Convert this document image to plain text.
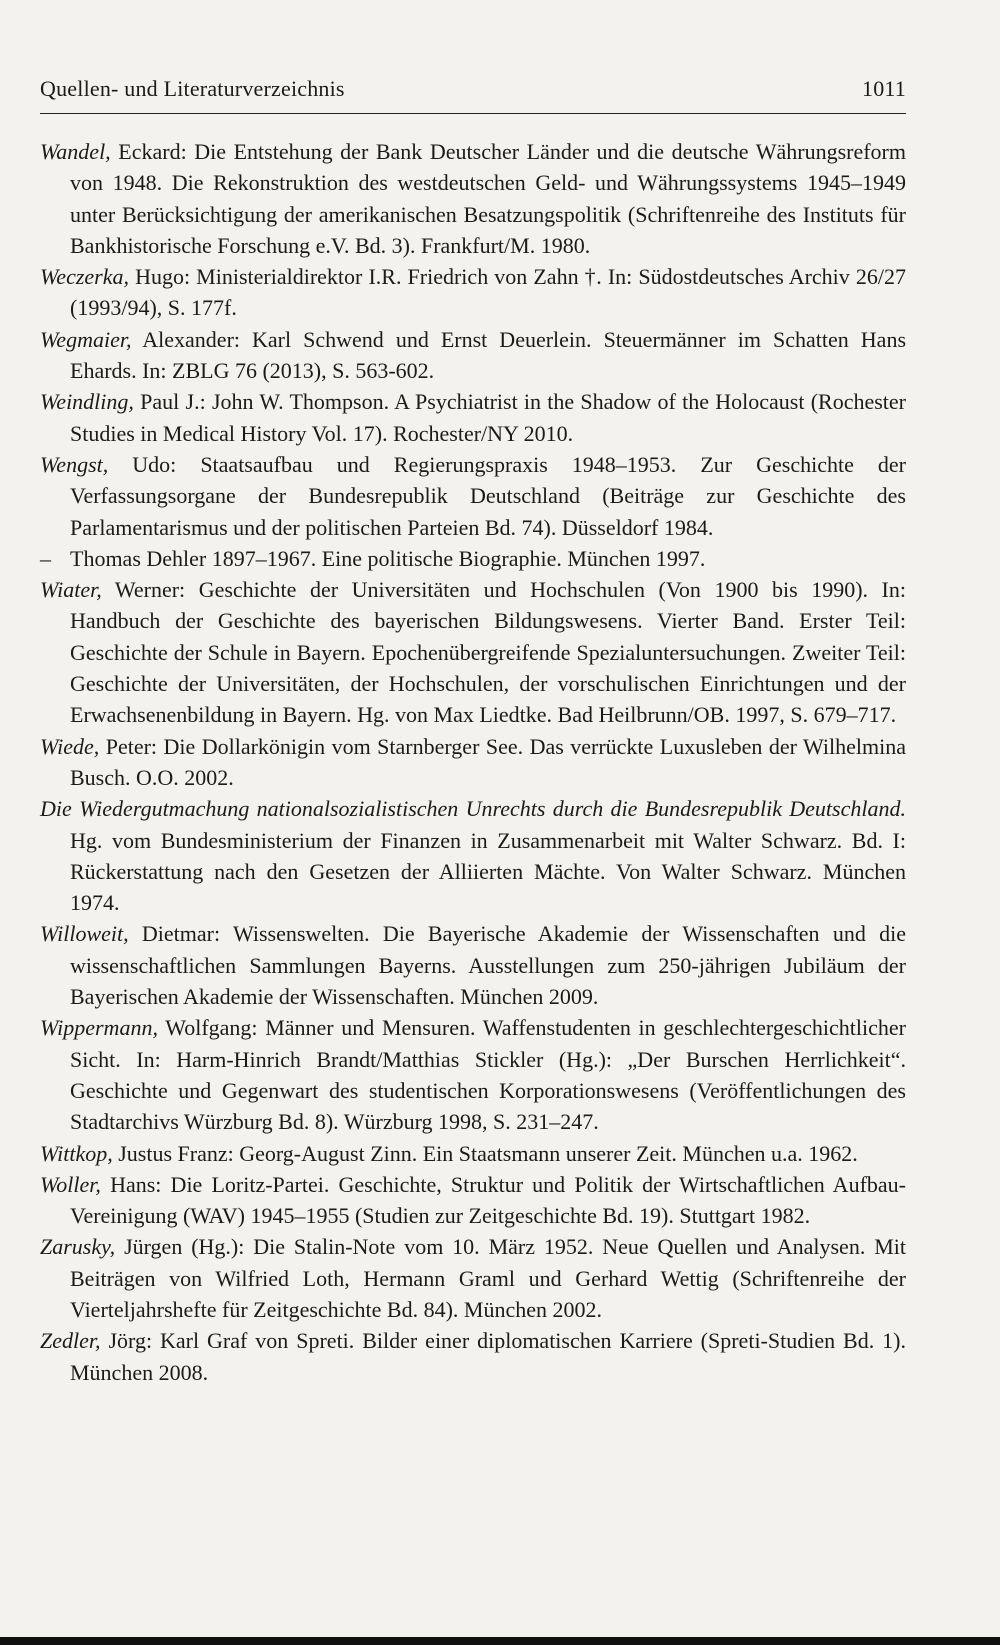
Quellen- und Literaturverzeichnis	1011

Wandel, Eckard: Die Entstehung der Bank Deutscher Länder und die deutsche Währungsreform von 1948. Die Rekonstruktion des westdeutschen Geld- und Währungssystems 1945–1949 unter Berücksichtigung der amerikanischen Besatzungspolitik (Schriftenreihe des Instituts für Bankhistorische Forschung e.V. Bd. 3). Frankfurt/M. 1980.

Weczerka, Hugo: Ministerialdirektor I.R. Friedrich von Zahn †. In: Südostdeutsches Archiv 26/27 (1993/94), S. 177f.

Wegmaier, Alexander: Karl Schwend und Ernst Deuerlein. Steuermänner im Schatten Hans Ehards. In: ZBLG 76 (2013), S. 563-602.

Weindling, Paul J.: John W. Thompson. A Psychiatrist in the Shadow of the Holocaust (Rochester Studies in Medical History Vol. 17). Rochester/NY 2010.

Wengst, Udo: Staatsaufbau und Regierungspraxis 1948–1953. Zur Geschichte der Verfassungsorgane der Bundesrepublik Deutschland (Beiträge zur Geschichte des Parlamentarismus und der politischen Parteien Bd. 74). Düsseldorf 1984.

– Thomas Dehler 1897–1967. Eine politische Biographie. München 1997.

Wiater, Werner: Geschichte der Universitäten und Hochschulen (Von 1900 bis 1990). In: Handbuch der Geschichte des bayerischen Bildungswesens. Vierter Band. Erster Teil: Geschichte der Schule in Bayern. Epochenübergreifende Spezialuntersuchungen. Zweiter Teil: Geschichte der Universitäten, der Hochschulen, der vorschulischen Einrichtungen und der Erwachsenenbildung in Bayern. Hg. von Max Liedtke. Bad Heilbrunn/OB. 1997, S. 679–717.

Wiede, Peter: Die Dollarkönigin vom Starnberger See. Das verrückte Luxusleben der Wilhelmina Busch. O.O. 2002.

Die Wiedergutmachung nationalsozialistischen Unrechts durch die Bundesrepublik Deutschland. Hg. vom Bundesministerium der Finanzen in Zusammenarbeit mit Walter Schwarz. Bd. I: Rückerstattung nach den Gesetzen der Alliierten Mächte. Von Walter Schwarz. München 1974.

Willoweit, Dietmar: Wissenswelten. Die Bayerische Akademie der Wissenschaften und die wissenschaftlichen Sammlungen Bayerns. Ausstellungen zum 250-jährigen Jubiläum der Bayerischen Akademie der Wissenschaften. München 2009.

Wippermann, Wolfgang: Männer und Mensuren. Waffenstudenten in geschlechtergeschichtlicher Sicht. In: Harm-Hinrich Brandt/Matthias Stickler (Hg.): „Der Burschen Herrlichkeit“. Geschichte und Gegenwart des studentischen Korporationswesens (Veröffentlichungen des Stadtarchivs Würzburg Bd. 8). Würzburg 1998, S. 231–247.

Wittkop, Justus Franz: Georg-August Zinn. Ein Staatsmann unserer Zeit. München u.a. 1962.

Woller, Hans: Die Loritz-Partei. Geschichte, Struktur und Politik der Wirtschaftlichen Aufbau-Vereinigung (WAV) 1945–1955 (Studien zur Zeitgeschichte Bd. 19). Stuttgart 1982.

Zarusky, Jürgen (Hg.): Die Stalin-Note vom 10. März 1952. Neue Quellen und Analysen. Mit Beiträgen von Wilfried Loth, Hermann Graml und Gerhard Wettig (Schriftenreihe der Vierteljahrshefte für Zeitgeschichte Bd. 84). München 2002.

Zedler, Jörg: Karl Graf von Spreti. Bilder einer diplomatischen Karriere (Spreti-Studien Bd. 1). München 2008.
